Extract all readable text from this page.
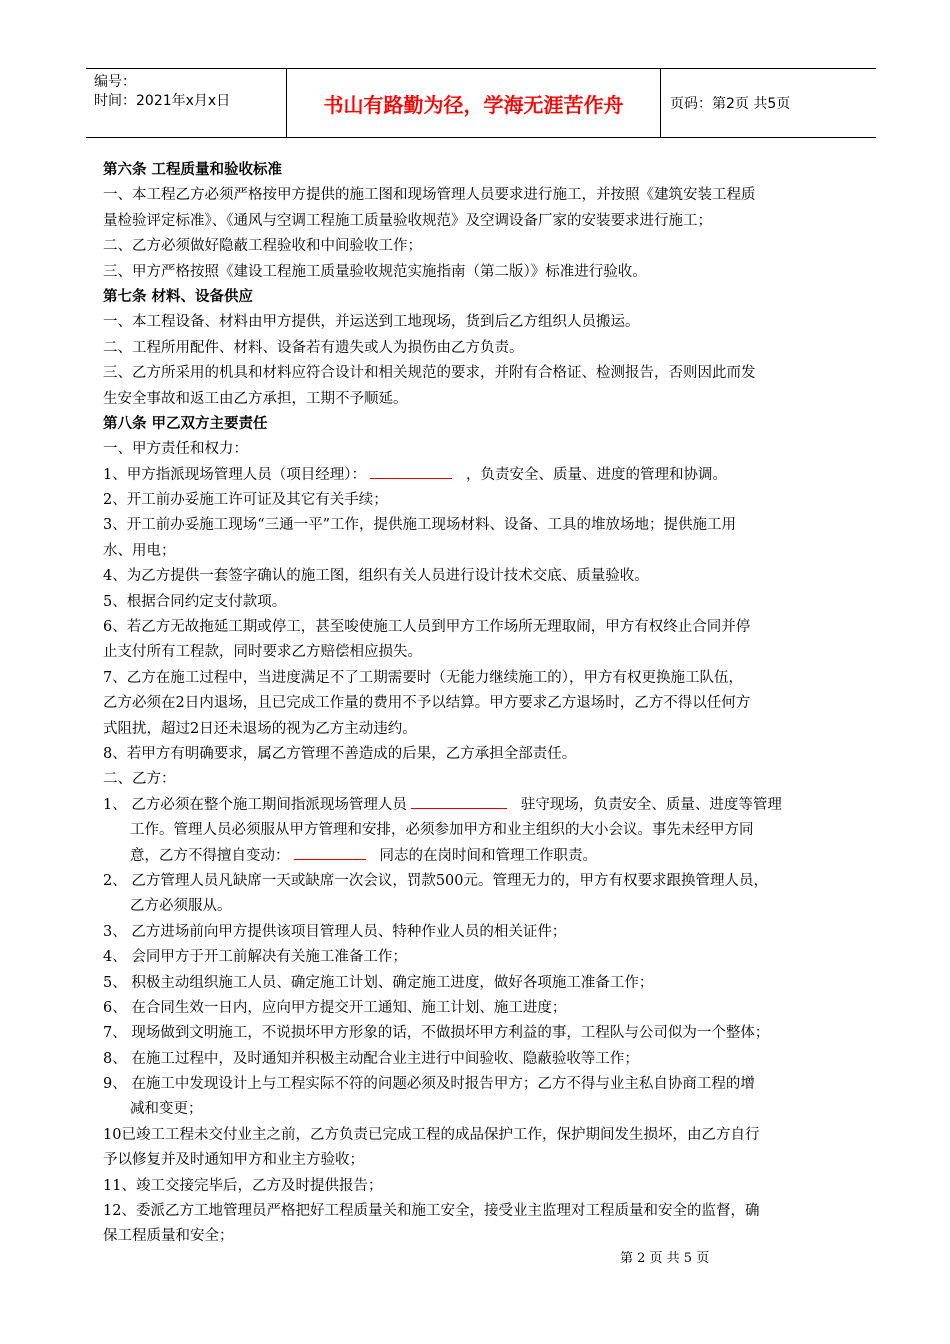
编号：
时间：2021年x月x日	书山有路勤为径，学海无涯苦作舟	页码：第2页 共5页
第六条 工程质量和验收标准
一、本工程乙方必须严格按甲方提供的施工图和现场管理人员要求进行施工，并按照《建筑安装工程质
量检验评定标准》、《通风与空调工程施工质量验收规范》及空调设备厂家的安装要求进行施工；
二、乙方必须做好隐蔽工程验收和中间验收工作；
三、甲方严格按照《建设工程施工质量验收规范实施指南（第二版）》标准进行验收。
第七条 材料、设备供应
一、本工程设备、材料由甲方提供，并运送到工地现场，货到后乙方组织人员搬运。
二、工程所用配件、材料、设备若有遗失或人为损伤由乙方负责。
三、乙方所采用的机具和材料应符合设计和相关规范的要求，并附有合格证、检测报告，否则因此而发
生安全事故和返工由乙方承担，工期不予顺延。
第八条 甲乙双方主要责任
一、甲方责任和权力：
1、甲方指派现场管理人员（项目经理）：	，负责安全、质量、进度的管理和协调。
2、开工前办妥施工许可证及其它有关手续；
3、开工前办妥施工现场“三通一平”工作，提供施工现场材料、设备、工具的堆放场地；提供施工用
水、用电；
4、为乙方提供一套签字确认的施工图，组织有关人员进行设计技术交底、质量验收。
5、根据合同约定支付款项。
6、若乙方无故拖延工期或停工，甚至唆使施工人员到甲方工作场所无理取闹，甲方有权终止合同并停
止支付所有工程款，同时要求乙方赔偿相应损失。
7、乙方在施工过程中，当进度满足不了工期需要时（无能力继续施工的），甲方有权更换施工队伍，
乙方必须在2日内退场，且已完成工作量的费用不予以结算。甲方要求乙方退场时，乙方不得以任何方
式阻扰，超过2日还未退场的视为乙方主动违约。
8、若甲方有明确要求，属乙方管理不善造成的后果，乙方承担全部责任。
二、乙方：
1、 乙方必须在整个施工期间指派现场管理人员	驻守现场，负责安全、质量、进度等管理
工作。管理人员必须服从甲方管理和安排，必须参加甲方和业主组织的大小会议。事先未经甲方同
意，乙方不得擅自变动：	同志的在岗时间和管理工作职责。
2、 乙方管理人员凡缺席一天或缺席一次会议，罚款500元。管理无力的，甲方有权要求跟换管理人员，
乙方必须服从。
3、 乙方进场前向甲方提供该项目管理人员、特种作业人员的相关证件；
4、 会同甲方于开工前解决有关施工准备工作；
5、 积极主动组织施工人员、确定施工计划、确定施工进度，做好各项施工准备工作；
6、 在合同生效一日内，应向甲方提交开工通知、施工计划、施工进度；
7、 现场做到文明施工，不说损坏甲方形象的话，不做损坏甲方利益的事，工程队与公司似为一个整体；
8、 在施工过程中，及时通知并积极主动配合业主进行中间验收、隐蔽验收等工作；
9、 在施工中发现设计上与工程实际不符的问题必须及时报告甲方；乙方不得与业主私自协商工程的增
减和变更；
10已竣工工程未交付业主之前，乙方负责已完成工程的成品保护工作，保护期间发生损坏，由乙方自行
予以修复并及时通知甲方和业主方验收；
11、竣工交接完毕后，乙方及时提供报告；
12、委派乙方工地管理员严格把好工程质量关和施工安全，接受业主监理对工程质量和安全的监督，确
保工程质量和安全；
第 2 页 共 5 页
